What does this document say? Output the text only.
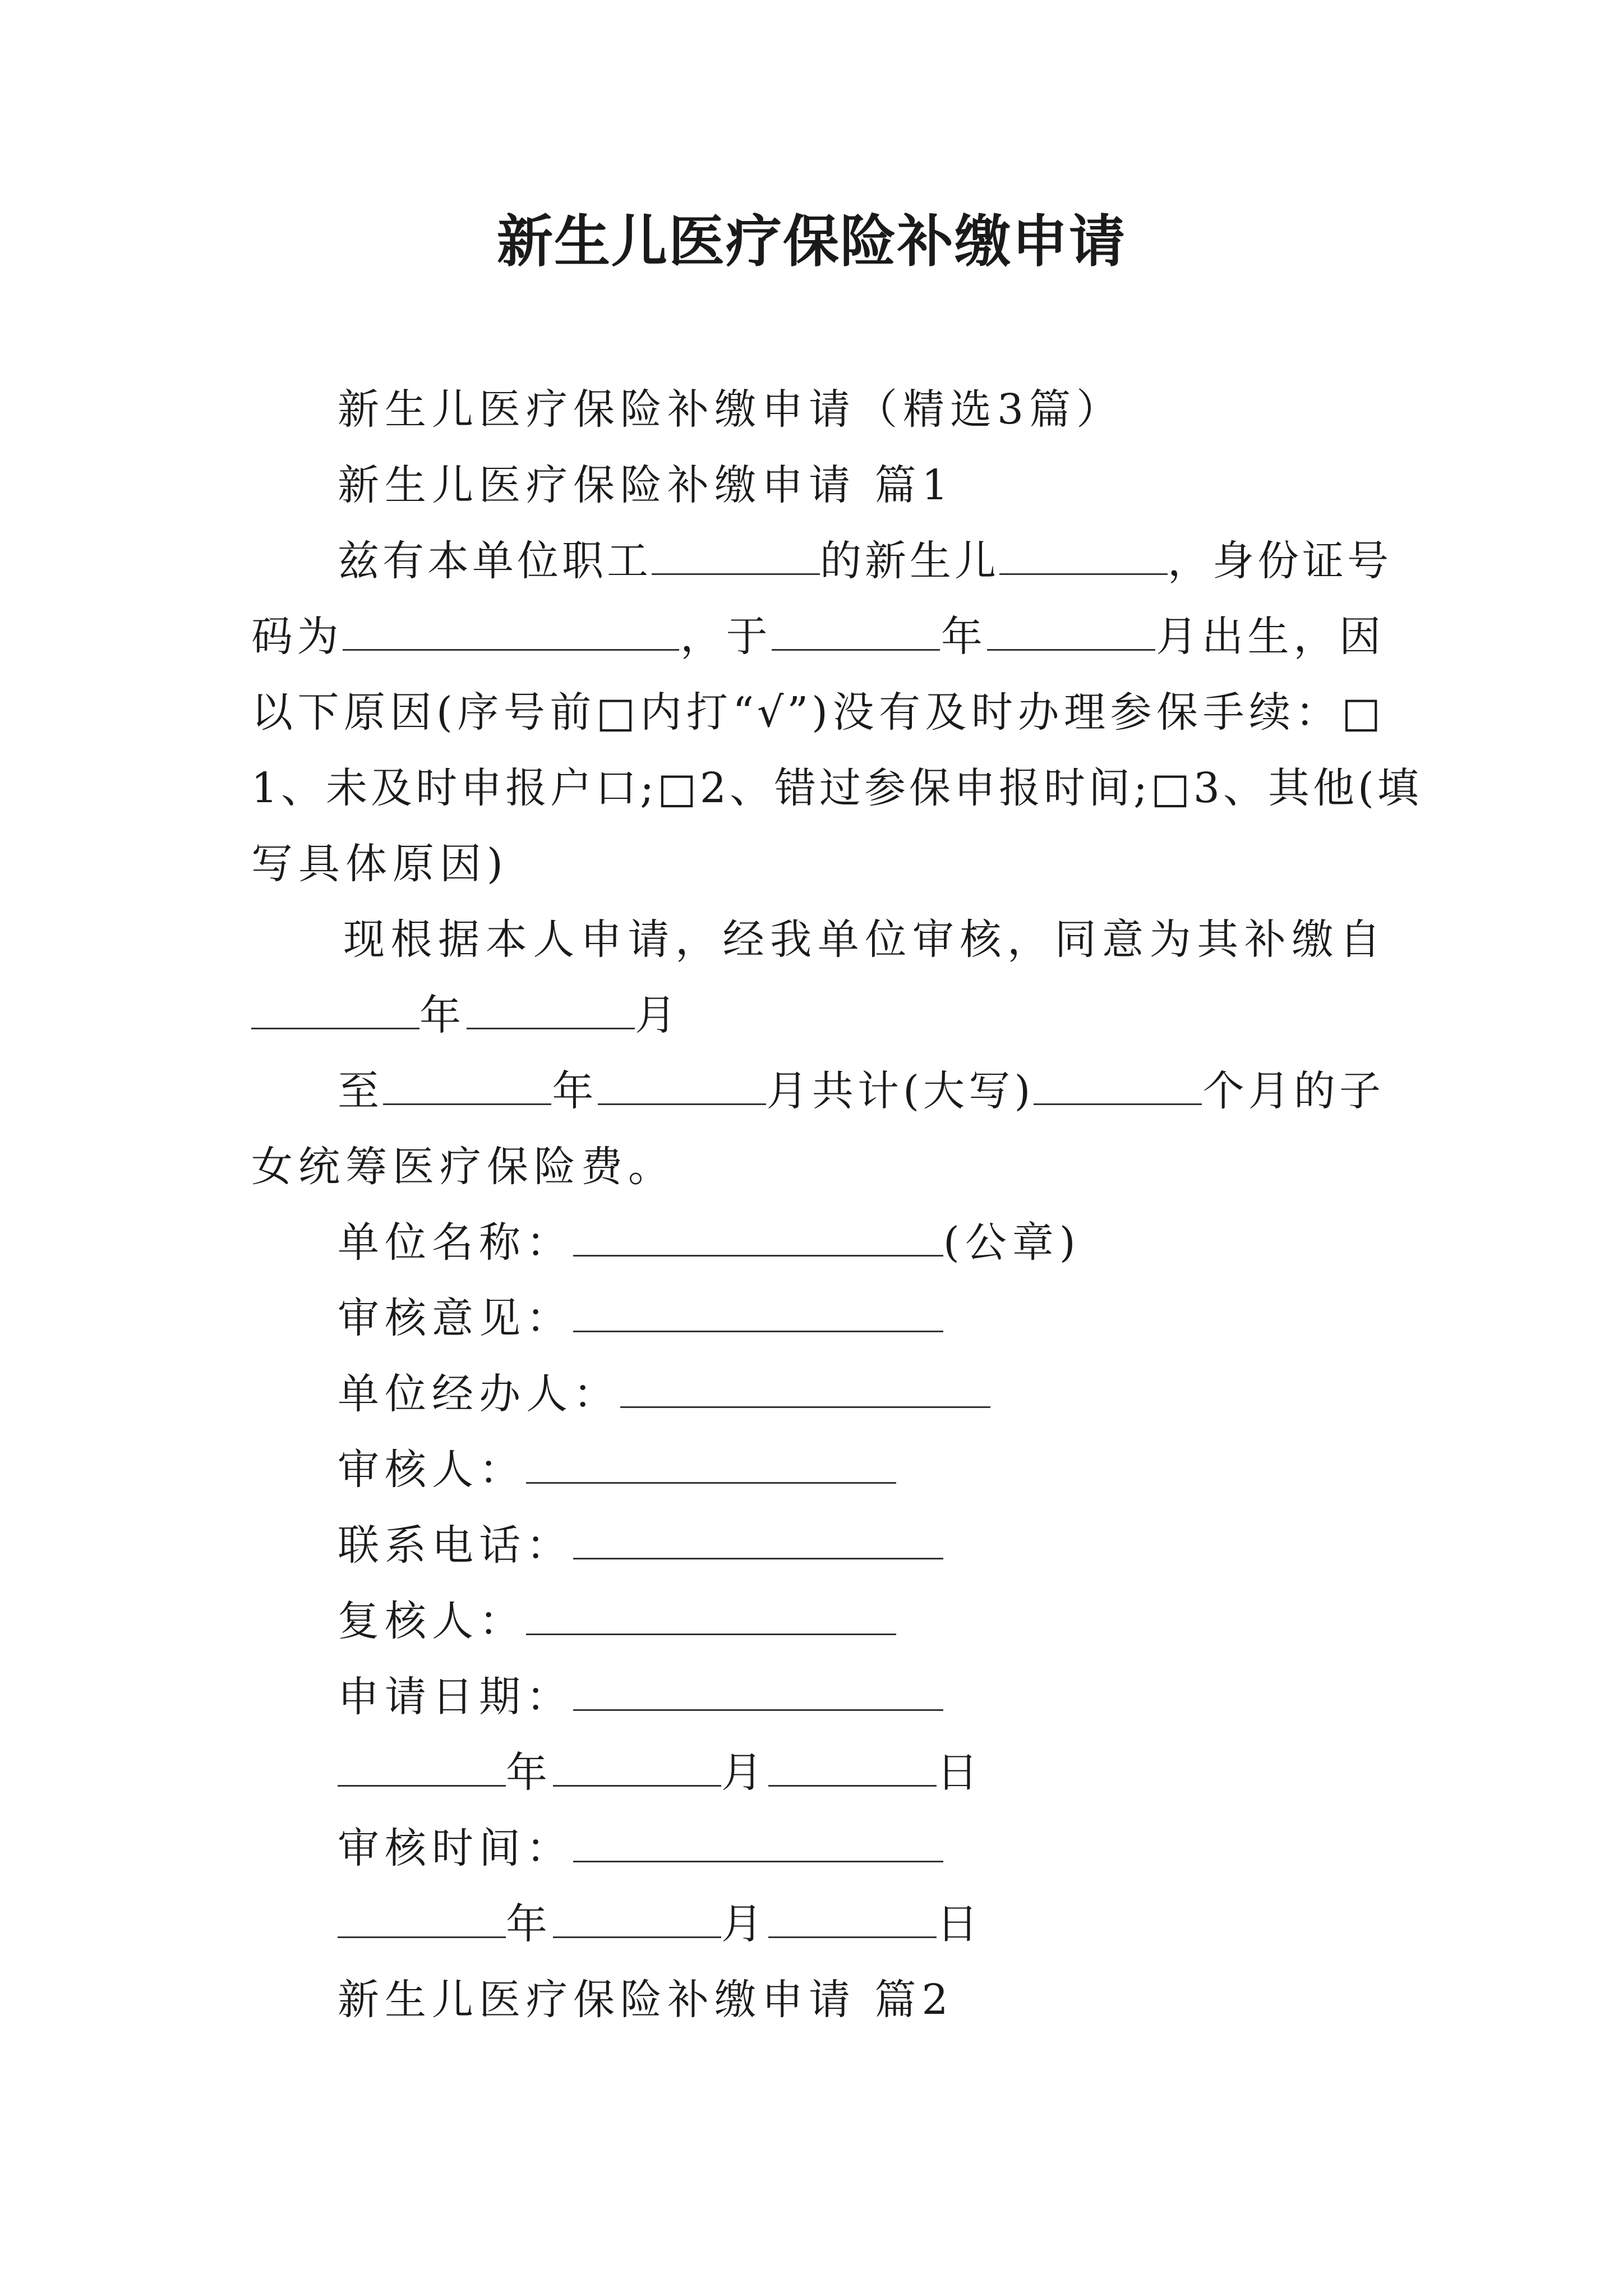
新生儿医疗保险补缴申请
新生儿医疗保险补缴申请（精选3篇）
新生儿医疗保险补缴申请 篇1
兹有本单位职工	的新生儿	，身份证号
码为	，于	年	月出生，因
以下原因(序号前□内打“√”)没有及时办理参保手续：□
1、未及时申报户口;□2、错过参保申报时间;□3、其他(填
写具体原因)
现根据本人申请，经我单位审核，同意为其补缴自
年	月
至	年	月共计(大写)	个月的子
女统筹医疗保险费。
单位名称：	(公章)
审核意见：
单位经办人：
审核人：
联系电话：
复核人：
申请日期：
年	月	日
审核时间：
年	月	日
新生儿医疗保险补缴申请 篇2
